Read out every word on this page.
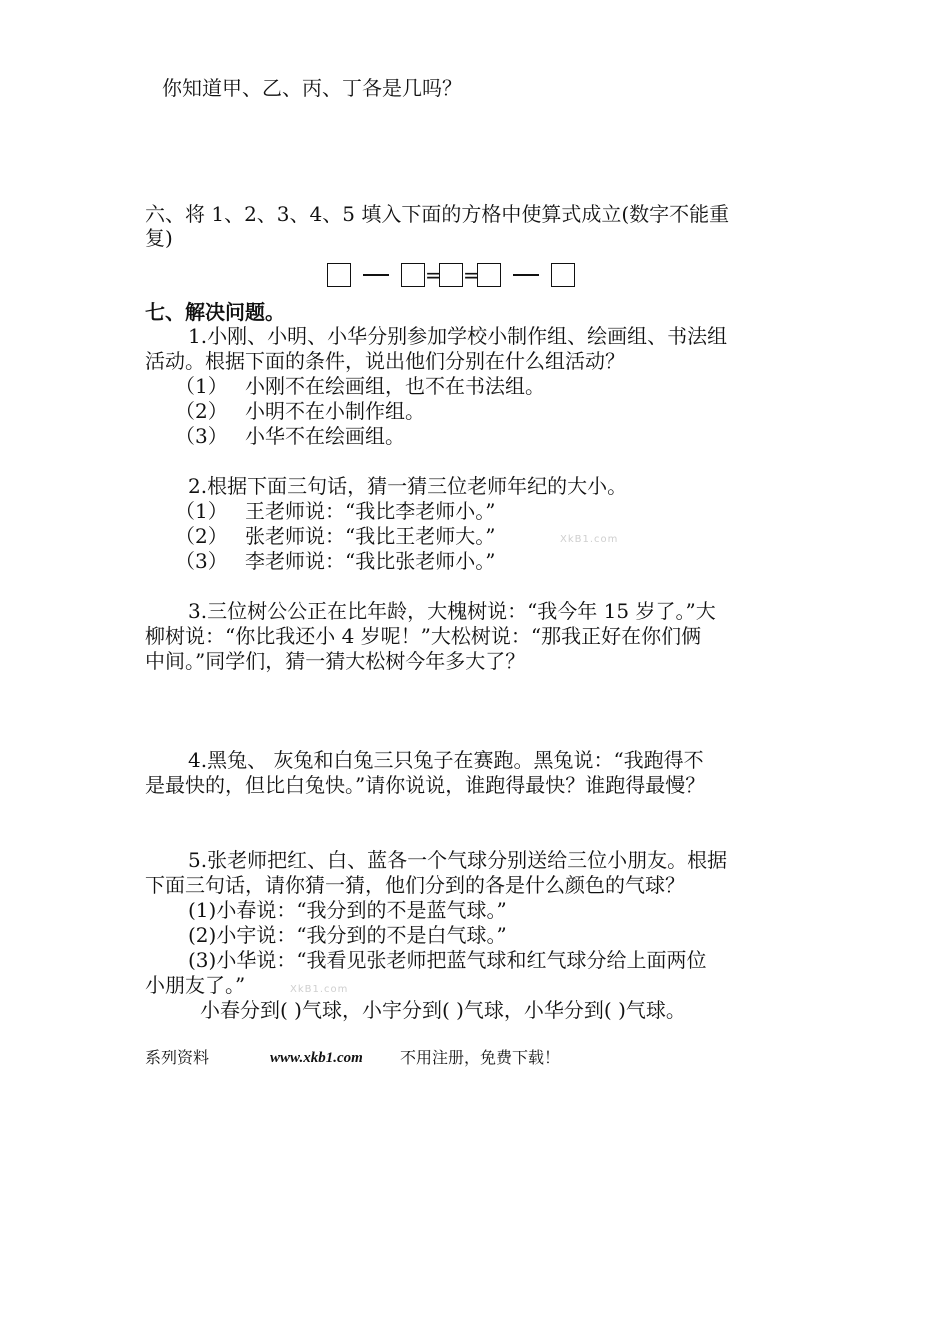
你知道甲、乙、丙、丁各是几吗？
六、将 1、2、3、4、5 填入下面的方格中使算式成立(数字不能重
复)
= =
七、解决问题。
1.小刚、小明、小华分别参加学校小制作组、绘画组、书法组
活动。根据下面的条件，说出他们分别在什么组活动？
（1） 小刚不在绘画组，也不在书法组。
（2） 小明不在小制作组。
（3） 小华不在绘画组。
2.根据下面三句话，猜一猜三位老师年纪的大小。
（1） 王老师说：“我比李老师小。”
（2） 张老师说：“我比王老师大。”
（3） 李老师说：“我比张老师小。”
3.三位树公公正在比年龄，大槐树说：“我今年 15 岁了。”大
柳树说：“你比我还小 4 岁呢！”大松树说：“那我正好在你们俩
中间。”同学们，猜一猜大松树今年多大了？
4.黑兔、 灰兔和白兔三只兔子在赛跑。黑兔说：“我跑得不
是最快的，但比白兔快。”请你说说，谁跑得最快？谁跑得最慢？
5.张老师把红、白、蓝各一个气球分别送给三位小朋友。根据
下面三句话，请你猜一猜，他们分到的各是什么颜色的气球？
(1)小春说：“我分到的不是蓝气球。”
(2)小宇说：“我分到的不是白气球。”
(3)小华说：“我看见张老师把蓝气球和红气球分给上面两位
小朋友了。”
小春分到( )气球，小宇分到( )气球，小华分到( )气球。
系列资料	www.xkb1.com 不用注册，免费下载！
XkB1.com
XkB1.com
